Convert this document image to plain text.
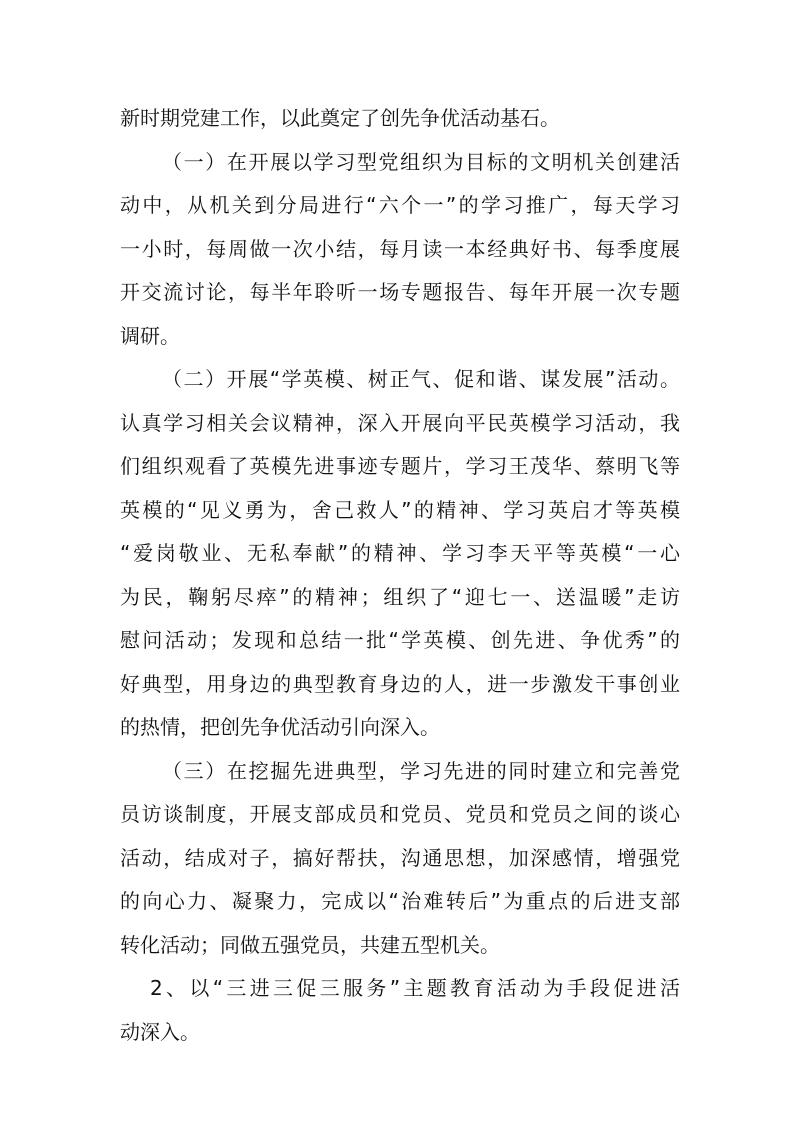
新时期党建工作，以此奠定了创先争优活动基石。

（一）在开展以学习型党组织为目标的文明机关创建活
动中，从机关到分局进行“六个一”的学习推广，每天学习
一小时，每周做一次小结，每月读一本经典好书、每季度展
开交流讨论，每半年聆听一场专题报告、每年开展一次专题
调研。

（二）开展“学英模、树正气、促和谐、谋发展”活动。
认真学习相关会议精神，深入开展向平民英模学习活动，我
们组织观看了英模先进事迹专题片，学习王茂华、蔡明飞等
英模的“见义勇为，舍己救人”的精神、学习英启才等英模
“爱岗敬业、无私奉献”的精神、学习李天平等英模“一心
为民，鞠躬尽瘁”的精神；组织了“迎七一、送温暖”走访
慰问活动；发现和总结一批“学英模、创先进、争优秀”的
好典型，用身边的典型教育身边的人，进一步激发干事创业
的热情，把创先争优活动引向深入。

（三）在挖掘先进典型，学习先进的同时建立和完善党
员访谈制度，开展支部成员和党员、党员和党员之间的谈心
活动，结成对子，搞好帮扶，沟通思想，加深感情，增强党
的向心力、凝聚力，完成以“治难转后”为重点的后进支部
转化活动；同做五强党员，共建五型机关。

2、以“三进三促三服务”主题教育活动为手段促进活
动深入。
